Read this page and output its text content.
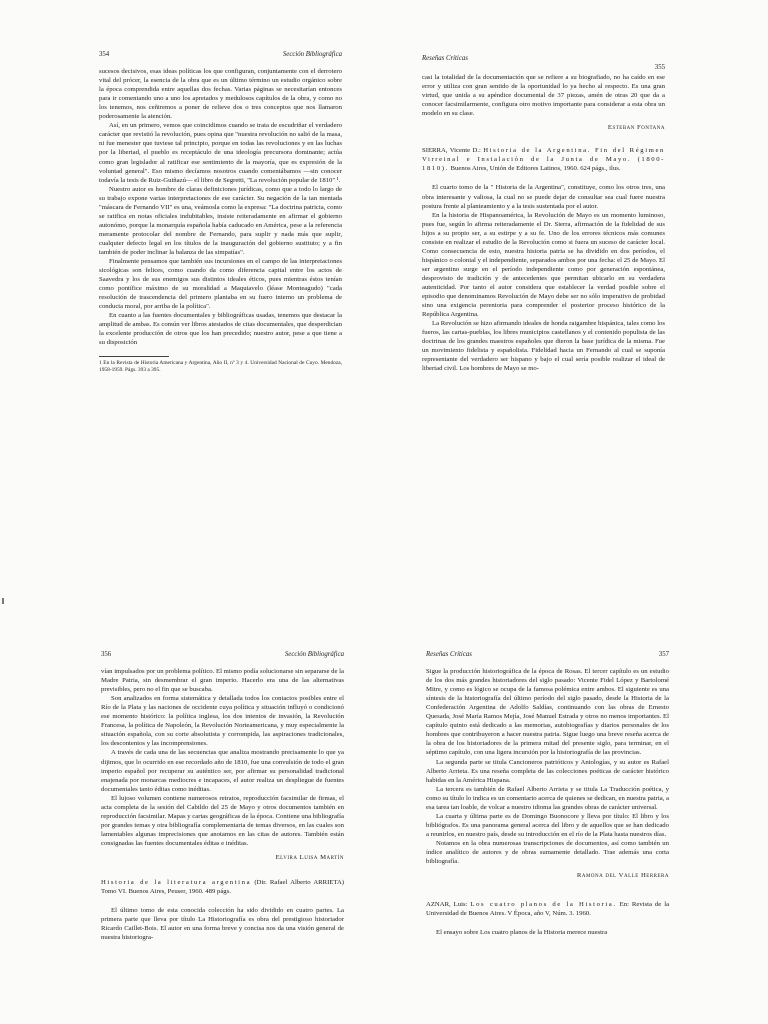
354	Sección Bibliográfica

sucesos decisivos, esas ideas políticas los que configuran, conjuntamente con el derrotero vital del prócer, la esencia de la obra que es un último término un estudio orgánico sobre la época comprendida entre aquellas dos fechas. Varias páginas se necesitarían entonces para ir comentando uno a uno los apretados y medulosos capítulos de la obra, y como no los tenemos, nos ceñiremos a poner de relieve dos o tres conceptos que nos llamaron poderosamente la atención.

Así, en un primero, vemos que coincidimos cuando se trata de escudriñar el verdadero carácter que revistió la revolución, pues opina que "nuestra revolución no salió de la masa, ni fue menester que tuviese tal principio, porque en todas las revoluciones y en las luchas por la libertad, el pueblo es receptáculo de una ideología precursora dominante; actúa como gran legislador al ratificar ese sentimiento de la mayoría, que es expresión de la voluntad general". Eso mismo decíamos nosotros cuando comentábamos —sin conocer todavía la tesis de Ruiz-Guiñazú— el libro de Segretti, "La revolución popular de 1810" ¹.

Nuestro autor es hombre de claras definiciones jurídicas, como que a todo lo largo de su trabajo expone varias interpretaciones de ese carácter. Su negación de la tan mentada "máscara de Fernando VII" es una, veámosla como la expresa: "La doctrina patricia, como se ratifica en notas oficiales indubitables, insiste reiteradamente en afirmar el gobierno autonómo, porque la monarquía española había caducado en América, pese a la referencia meramente protocolar del nombre de Fernando, para suplir y nada más que suplir, cualquier defecto legal en los títulos de la inauguración del gobierno sustituto; y a fin también de poder inclinar la balanza de las simpatías".

Finalmente pensamos que también sus incursiones en el campo de las interpretaciones sicológicas son felices, como cuando da como diferencia capital entre los actos de Saavedra y los de sus enemigos sus distintos ideales éticos, pues mientras éstos tenían como pontífice máximo de su moralidad a Maquiavelo (léase Monteagudo) "cada resolución de trascendencia del primero plantaba en su fuero interno un problema de conducta moral, por arriba de la política".

En cuanto a las fuentes documentales y bibliográficas usadas, tenemos que destacar la amplitud de ambas. Es común ver libros atestados de citas documentales, que desperdician la excelente producción de otros que los han precedido; nuestro autor, pese a que tiene a su disposición

1 En la Revista de Historia Americana y Argentina, Año II, nº 3 y 4. Universidad Nacional de Cuyo. Mendoza, 1958-1959. Págs. 393 a 395.

Reseñas Críticas
355

casi la totalidad de la documentación que se refiere a su biografiado, no ha caído en ese error y utiliza con gran sentido de la oportunidad lo ya hecho al respecto. Es una gran virtud, que unida a su apéndice documental de 37 piezas, amén de otras 20 que da a conocer facsimilarmente, configura otro motivo importante para considerar a esta obra un modelo en su clase.

Esteban Fontana

SIERRA, Vicente D.: Historia de la Argentina. Fin del Régimen Virreinal e Instalación de la Junta de Mayo. (1800-1810). Buenos Aires, Unión de Editores Latinos, 1960. 624 págs., ilus.

El cuarto tomo de la " Historia de la Argentina", constituye, como los otros tres, una obra interesante y valiosa, la cual no se puede dejar de consultar sea cual fuere nuestra postura frente al planteamiento y a la tesis sustentada por el autor.

En la historia de Hispanoamérica, la Revolución de Mayo es un momento luminoso, pues fue, según lo afirma reiteradamente el Dr. Sierra, afirmación de la fidelidad de sus hijos a su propio ser, a su estirpe y a su fe. Uno de los errores técnicos más comunes consiste en realizar el estudio de la Revolución como si fuera un suceso de carácter local. Como consecuencia de esto, nuestra historia patria se ha dividido en dos períodos, el hispánico o colonial y el independiente, separados ambos por una fecha: el 25 de Mayo. El ser argentino surge en el período independiente como por generación espontánea, desprovisto de tradición y de antecedentes que permitan ubicarlo en su verdadera autenticidad. Por tanto el autor considera que establecer la verdad posible sobre el episodio que denominamos Revolución de Mayo debe ser no sólo imperativo de probidad sino una exigencia perentoria para comprender el posterior proceso histórico de la República Argentina.

La Revolución se hizo afirmando ideales de honda raigambre hispánica, tales como los fueros, las cartas-pueblas, los libres municipios castellanos y el contenido populista de las doctrinas de los grandes maestros españoles que dieron la base jurídica de la misma. Fue un movimiento fidelista y españolista. Fidelidad hacia un Fernando al cual se suponía representante del verdadero ser hispano y bajo el cual sería posible realizar el ideal de libertad civil. Los hombres de Mayo se mo-

356	Sección Bibliográfica

vían impulsados por un problema político. El mismo podía solucionarse sin separarse de la Madre Patria, sin desmembrar el gran imperio. Hacerlo era una de las alternativas previsibles, pero no el fin que se buscaba.

Son analizados en forma sistemática y detallada todos los contactos posibles entre el Río de la Plata y las naciones de occidente cuya política y situación influyó o condicionó ese momento histórico: la política inglesa, los dos intentos de invasión, la Revolución Francesa, la política de Napoleón, la Revolución Norteamericana, y muy especialmente la situación española, con su corte absolutista y corrompida, las aspiraciones tradicionales, los descontentos y las incomprensiones.

A través de cada una de las secuencias que analiza mostrando precisamente lo que ya dijimos, que lo ocurrido en ese recordado año de 1810, fue una convulsión de todo el gran imperio español por recuperar su auténtico ser, por afirmar su personalidad tradicional enajenada por monarcas mediocres e incapaces, el autor realiza un despliegue de fuentes documentales tanto éditas como inéditas.

El lujoso volumen contiene numerosos retratos, reproducción facsimilar de firmas, el acta completa de la sesión del Cabildo del 25 de Mayo y otros documentos también en reproducción facsimilar. Mapas y cartas geográficas de la época. Contiene una bibliografía por grandes temas y otra bibliografía complementaria de temas diversos, en las cuales son lamentables algunas imprecisiones que anotamos en las citas de autores. También están consignadas las fuentes documentales éditas e inéditas.

Elvira Luisa Martín

Historia de la literatura argentina (Dir. Rafael Alberto ARRIETA) Tomo VI. Buenos Aires, Peuser, 1960. 489 págs.

El último tomo de esta conocida colección ha sido dividido en cuatro partes. La primera parte que lleva por título La Historiografía es obra del prestigioso historiador Ricardo Caillet-Bois. El autor en una forma breve y concisa nos da una visión general de nuestra historiogra-

Reseñas Críticas	357

Sigue la producción historiográfica de la época de Rosas. El tercer capítulo es un estudio de los dos más grandes historiadores del siglo pasado: Vicente Fidel López y Bartolomé Mitre, y como es lógico se ocupa de la famosa polémica entre ambos. El siguiente es una síntesis de la historiografía del último período del siglo pasado, desde la Historia de la Confederación Argentina de Adolfo Saldías, continuando con las obras de Ernesto Quesada, José María Ramos Mejía, José Manuel Estrada y otros no menos importantes. El capítulo quinto está dedicado a las memorias, autobiografías y diarios personales de los hombres que contribuyeron a hacer nuestra patria. Sigue luego una breve reseña acerca de la obra de los historiadores de la primera mitad del presente siglo, para terminar, en el séptimo capítulo, con una ligera incursión por la historiografía de las provincias.

La segunda parte se titula Cancioneros patrióticos y Antologías, y su autor es Rafael Alberto Arrieta. Es una reseña completa de las colecciones poéticas de carácter histórico habidas en la América Hispana.

La tercera es también de Rafael Alberto Arrieta y se titula La Traducción poética, y como su título lo indica es un comentario acerca de quienes se dedican, en nuestra patria, a esa tarea tan loable, de volcar a nuestro idioma las grandes obras de carácter universal.

La cuarta y última parte es de Domingo Buonocore y lleva por título: El libro y los bibliógrafos. Es una panorama general acerca del libro y de aquellos que se han dedicado a reunirlos, en nuestro país, desde su introducción en el río de la Plata hasta nuestros días.

Notamos en la obra numerosas transcripciones de documentos, así como también un índice analítico de autores y de obras sumamente detallado. Trae además una corta bibliografía.

Ramona del Valle Herrera

AZNAR, Luis: Los cuatro planos de la Historia. En: Revista de la Universidad de Buenos Aires. V Época, año V, Núm. 3. 1960.

El ensayo sobre Los cuatro planos de la Historia merece nuestra
